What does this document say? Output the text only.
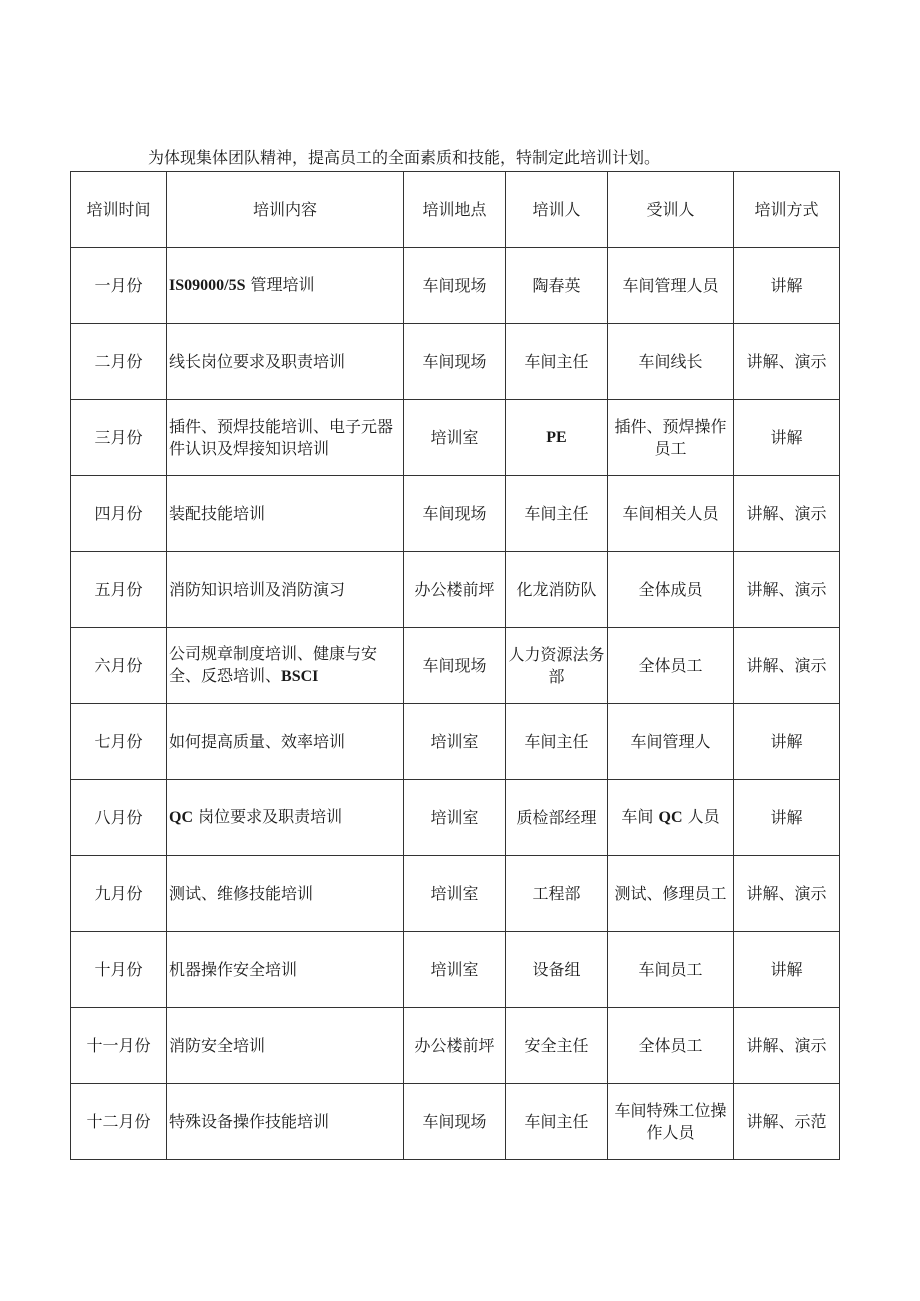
为体现集体团队精神，提高员工的全面素质和技能，特制定此培训计划。
培训时间	培训内容	培训地点	培训人	受训人	培训方式
一月份	IS09000/5S 管理培训	车间现场	陶春英	车间管理人员	讲解
二月份	线长岗位要求及职责培训	车间现场	车间主任	车间线长	讲解、演示
三月份	插件、预焊技能培训、电子元器件认识及焊接知识培训	培训室	PE	插件、预焊操作员工	讲解
四月份	装配技能培训	车间现场	车间主任	车间相关人员	讲解、演示
五月份	消防知识培训及消防演习	办公楼前坪	化龙消防队	全体成员	讲解、演示
六月份	公司规章制度培训、健康与安全、反恐培训、BSCI	车间现场	人力资源法务部	全体员工	讲解、演示
七月份	如何提高质量、效率培训	培训室	车间主任	车间管理人	讲解
八月份	QC 岗位要求及职责培训	培训室	质检部经理	车间 QC 人员	讲解
九月份	测试、维修技能培训	培训室	工程部	测试、修理员工	讲解、演示
十月份	机器操作安全培训	培训室	设备组	车间员工	讲解
十一月份	消防安全培训	办公楼前坪	安全主任	全体员工	讲解、演示
十二月份	特殊设备操作技能培训	车间现场	车间主任	车间特殊工位操作人员	讲解、示范
